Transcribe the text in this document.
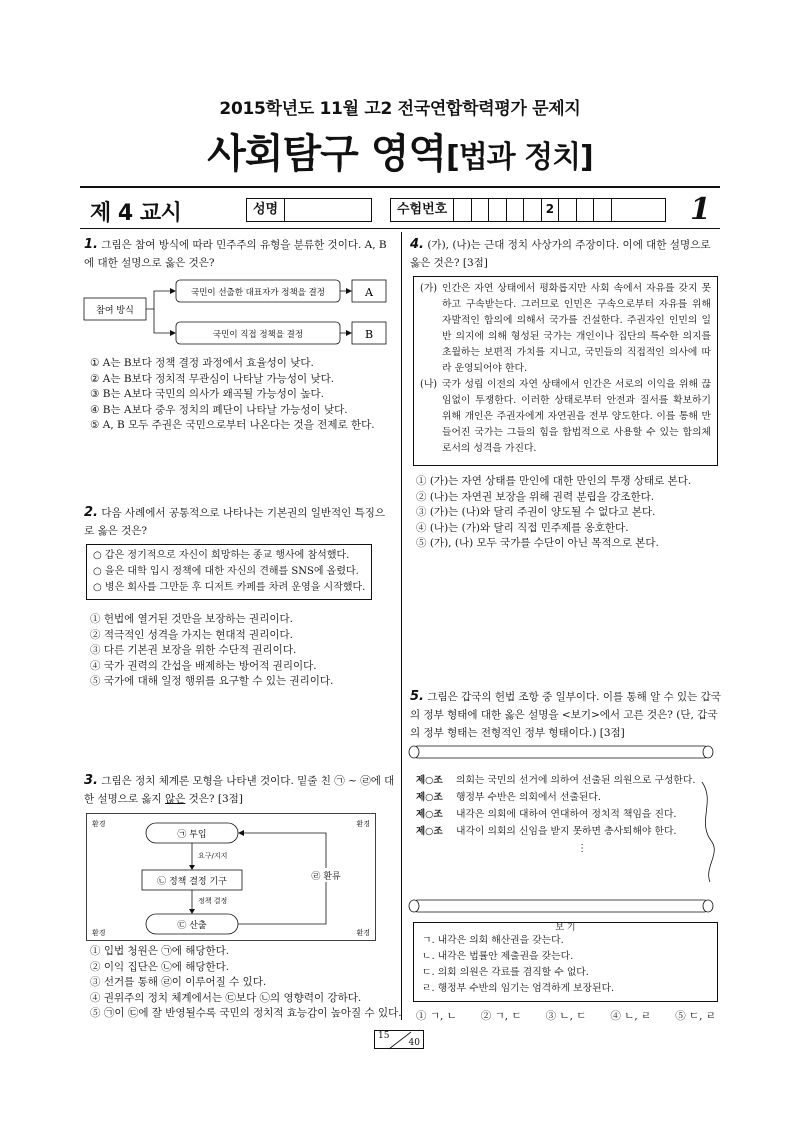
2015학년도 11월 고2 전국연합학력평가 문제지
사회탐구 영역[법과 정치]
제 4 교시	성명	수험번호	2	1
1. 그림은 참여 방식에 따라 민주주의 유형을 분류한 것이다. A, B에 대한 설명으로 옳은 것은?
참여 방식
국민이 선출한 대표자가 정책을 결정	A
국민이 직접 정책을 결정	B
① A는 B보다 정책 결정 과정에서 효율성이 낮다.
② A는 B보다 정치적 무관심이 나타날 가능성이 낮다.
③ B는 A보다 국민의 의사가 왜곡될 가능성이 높다.
④ B는 A보다 중우 정치의 폐단이 나타날 가능성이 낮다.
⑤ A, B 모두 주권은 국민으로부터 나온다는 것을 전제로 한다.
2. 다음 사례에서 공통적으로 나타나는 기본권의 일반적인 특징으로 옳은 것은?
○ 갑은 정기적으로 자신이 희망하는 종교 행사에 참석했다.
○ 을은 대학 입시 정책에 대한 자신의 견해를 SNS에 올렸다.
○ 병은 회사를 그만둔 후 디저트 카페를 차려 운영을 시작했다.
① 헌법에 열거된 것만을 보장하는 권리이다.
② 적극적인 성격을 가지는 현대적 권리이다.
③ 다른 기본권 보장을 위한 수단적 권리이다.
④ 국가 권력의 간섭을 배제하는 방어적 권리이다.
⑤ 국가에 대해 일정 행위를 요구할 수 있는 권리이다.
3. 그림은 정치 체계론 모형을 나타낸 것이다. 밑줄 친 ㉠ ~ ㉣에 대한 설명으로 옳지 않은 것은? [3점]
환경	환경
환경	환경
㉠ 투입
요구/지지
㉡ 정책 결정 기구
정책 결정
㉢ 산출
㉣ 환류
① 입법 청원은 ㉠에 해당한다.
② 이익 집단은 ㉡에 해당한다.
③ 선거를 통해 ㉣이 이루어질 수 있다.
④ 권위주의 정치 체계에서는 ㉢보다 ㉡의 영향력이 강하다.
⑤ ㉠이 ㉢에 잘 반영될수록 국민의 정치적 효능감이 높아질 수 있다.
4. (가), (나)는 근대 정치 사상가의 주장이다. 이에 대한 설명으로 옳은 것은? [3점]
(가) 인간은 자연 상태에서 평화롭지만 사회 속에서 자유를 갖지 못하고 구속받는다. 그러므로 인민은 구속으로부터 자유를 위해 자발적인 합의에 의해서 국가를 건설한다. 주권자인 인민의 일반 의지에 의해 형성된 국가는 개인이나 집단의 특수한 의지를 초월하는 보편적 가치를 지니고, 국민들의 직접적인 의사에 따라 운영되어야 한다.
(나) 국가 성립 이전의 자연 상태에서 인간은 서로의 이익을 위해 끊임없이 투쟁한다. 이러한 상태로부터 안전과 질서를 확보하기 위해 개인은 주권자에게 자연권을 전부 양도한다. 이를 통해 만들어진 국가는 그들의 힘을 합법적으로 사용할 수 있는 합의체로서의 성격을 가진다.
① (가)는 자연 상태를 만인에 대한 만인의 투쟁 상태로 본다.
② (나)는 자연권 보장을 위해 권력 분립을 강조한다.
③ (가)는 (나)와 달리 주권이 양도될 수 없다고 본다.
④ (나)는 (가)와 달리 직접 민주제를 옹호한다.
⑤ (가), (나) 모두 국가를 수단이 아닌 목적으로 본다.
5. 그림은 갑국의 헌법 조항 중 일부이다. 이를 통해 알 수 있는 갑국의 정부 형태에 대한 옳은 설명을 <보기>에서 고른 것은? (단, 갑국의 정부 형태는 전형적인 정부 형태이다.) [3점]
제○조	의회는 국민의 선거에 의하여 선출된 의원으로 구성한다.
제○조	행정부 수반은 의회에서 선출된다.
제○조	내각은 의회에 대하여 연대하여 정치적 책임을 진다.
제○조	내각이 의회의 신임을 받지 못하면 총사퇴해야 한다.
⋮
보 기
ㄱ. 내각은 의회 해산권을 갖는다.
ㄴ. 내각은 법률안 제출권을 갖는다.
ㄷ. 의회 의원은 각료를 겸직할 수 없다.
ㄹ. 행정부 수반의 임기는 엄격하게 보장된다.
① ㄱ, ㄴ ② ㄱ, ㄷ ③ ㄴ, ㄷ ④ ㄴ, ㄹ ⑤ ㄷ, ㄹ
15
40
